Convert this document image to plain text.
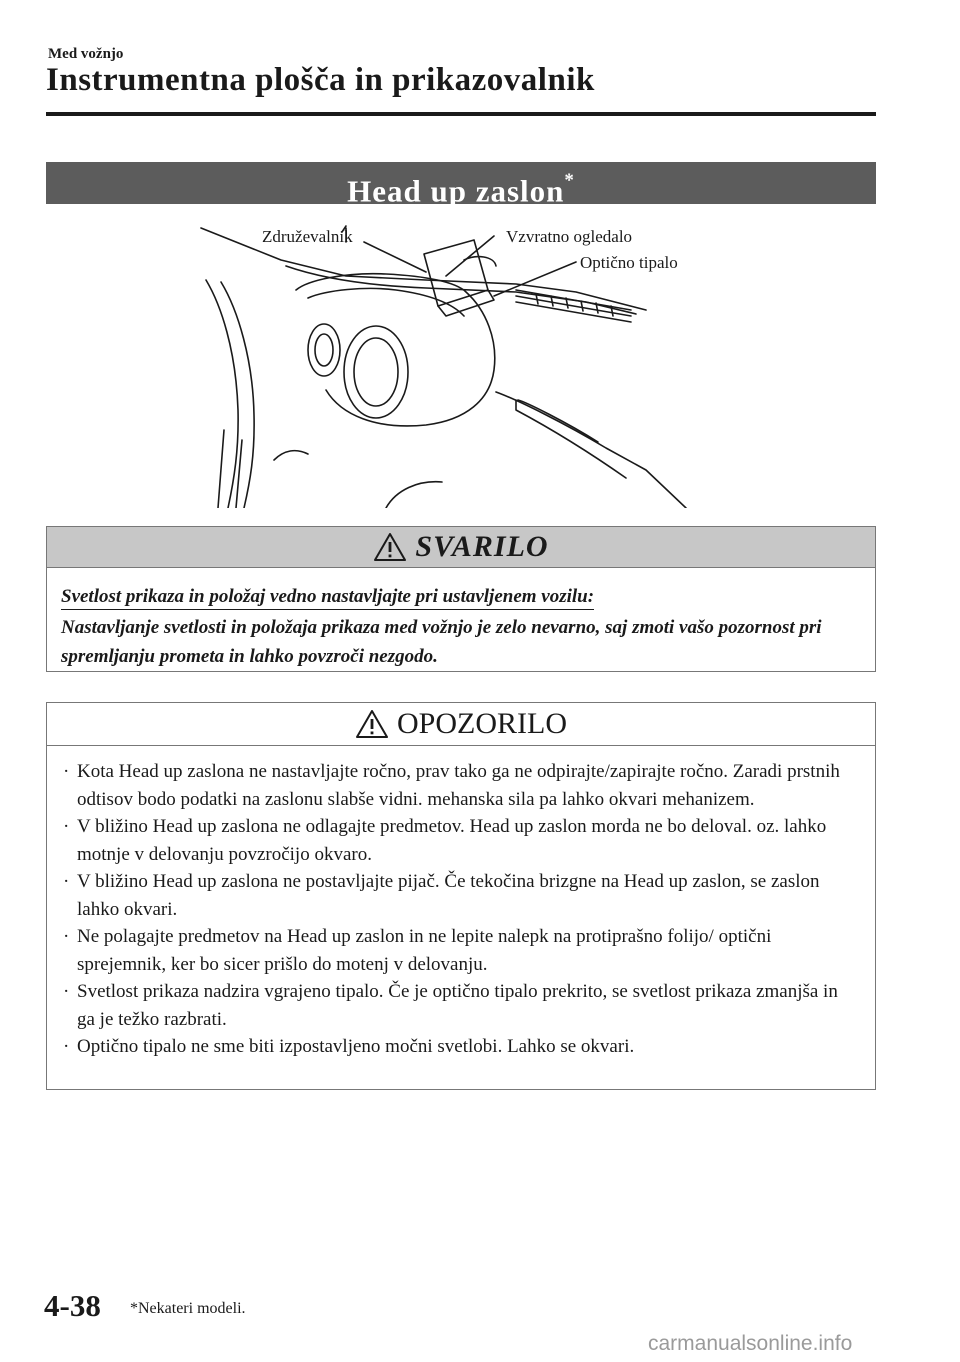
Med vožnjo
Instrumentna plošča in prikazovalnik
Head up zaslon*
Združevalnik	Vzvratno ogledalo
Optično tipalo
SVARILO
Svetlost prikaza in položaj vedno nastavljajte pri ustavljenem vozilu:

Nastavljanje svetlosti in položaja prikaza med vožnjo je zelo nevarno, saj zmoti vašo pozornost pri spremljanju prometa in lahko povzroči nezgodo.

OPOZORILO
· Kota Head up zaslona ne nastavljajte ročno, prav tako ga ne odpirajte/zapirajte ročno. Zaradi prstnih odtisov bodo podatki na zaslonu slabše vidni. mehanska sila pa lahko okvari mehanizem.
· V bližino Head up zaslona ne odlagajte predmetov. Head up zaslon morda ne bo deloval. oz. lahko motnje v delovanju povzročijo okvaro.
· V bližino Head up zaslona ne postavljajte pijač. Če tekočina brizgne na Head up zaslon, se zaslon lahko okvari.
· Ne polagajte predmetov na Head up zaslon in ne lepite nalepk na protiprašno folijo/ optični sprejemnik, ker bo sicer prišlo do motenj v delovanju.
· Svetlost prikaza nadzira vgrajeno tipalo. Če je optično tipalo prekrito, se svetlost prikaza zmanjša in ga je težko razbrati.
· Optično tipalo ne sme biti izpostavljeno močni svetlobi. Lahko se okvari.
4-38 *Nekateri modeli.
carmanualsonline.info
